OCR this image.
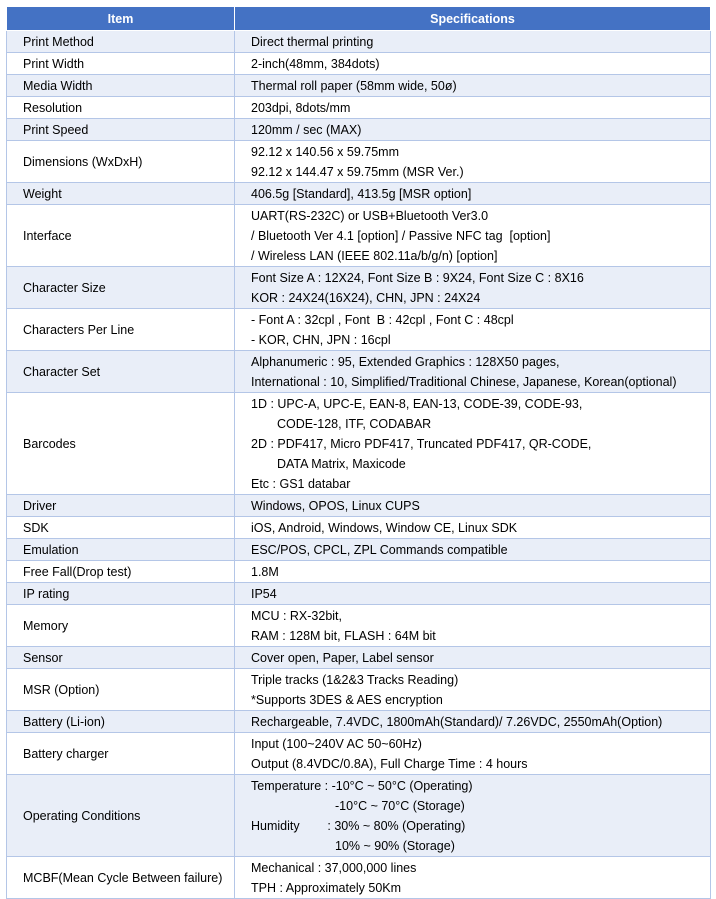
Item	Specifications
Print Method	Direct thermal printing

Print Width	2-inch(48mm, 384dots)

Media Width	Thermal roll paper (58mm wide, 50ø)

Resolution	203dpi, 8dots/mm

Print Speed	120mm / sec (MAX)

Dimensions (WxDxH)	92.12 x 140.56 x 59.75mm
92.12 x 144.47 x 59.75mm (MSR Ver.)

Weight	406.5g [Standard], 413.5g [MSR option]

Interface	UART(RS-232C) or USB+Bluetooth Ver3.0
/ Bluetooth Ver 4.1 [option] / Passive NFC tag  [option]
/ Wireless LAN (IEEE 802.11a/b/g/n) [option]

Character Size	Font Size A : 12X24, Font Size B : 9X24, Font Size C : 8X16
KOR : 24X24(16X24), CHN, JPN : 24X24

Characters Per Line	- Font A : 32cpl , Font  B : 42cpl , Font C : 48cpl
- KOR, CHN, JPN : 16cpl

Character Set	Alphanumeric : 95, Extended Graphics : 128X50 pages,
International : 10, Simplified/Traditional Chinese, Japanese, Korean(optional)

Barcodes	1D : UPC-A, UPC-E, EAN-8, EAN-13, CODE-39, CODE-93,
CODE-128, ITF, CODABAR
2D : PDF417, Micro PDF417, Truncated PDF417, QR-CODE,
DATA Matrix, Maxicode
Etc : GS1 databar

Driver	Windows, OPOS, Linux CUPS

SDK	iOS, Android, Windows, Window CE, Linux SDK

Emulation	ESC/POS, CPCL, ZPL Commands compatible

Free Fall(Drop test)	1.8M

IP rating	IP54

Memory	MCU : RX-32bit,
RAM : 128M bit, FLASH : 64M bit

Sensor	Cover open, Paper, Label sensor

MSR (Option)	Triple tracks (1&2&3 Tracks Reading)
*Supports 3DES & AES encryption

Battery (Li-ion)	Rechargeable, 7.4VDC, 1800mAh(Standard)/ 7.26VDC, 2550mAh(Option)

Battery charger	Input (100~240V AC 50~60Hz)
Output (8.4VDC/0.8A), Full Charge Time : 4 hours

Operating Conditions	Temperature : -10°C ~ 50°C (Operating)
-10°C ~ 70°C (Storage)
Humidity        : 30% ~ 80% (Operating)
10% ~ 90% (Storage)

MCBF(Mean Cycle Between failure)	Mechanical : 37,000,000 lines
TPH : Approximately 50Km
